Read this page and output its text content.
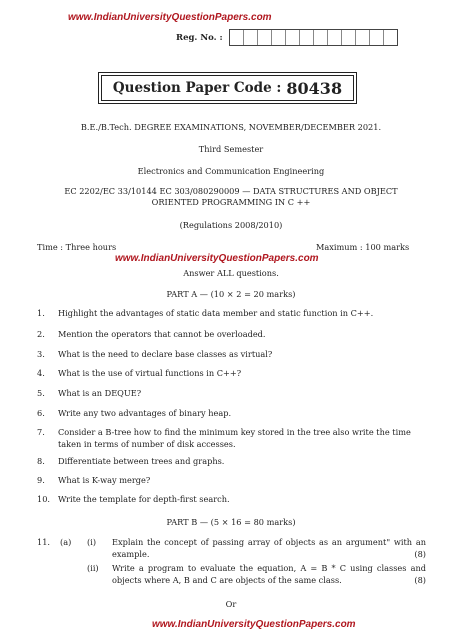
www.IndianUniversityQuestionPapers.com
Reg. No. :
Question Paper Code : 80438
B.E./B.Tech. DEGREE EXAMINATIONS, NOVEMBER/DECEMBER 2021.
Third Semester
Electronics and Communication Engineering
EC 2202/EC 33/10144 EC 303/080290009 — DATA STRUCTURES AND OBJECT
ORIENTED PROGRAMMING IN C ++
(Regulations 2008/2010)
Time : Three hours	Maximum : 100 marks
www.IndianUniversityQuestionPapers.com
Answer ALL questions.
PART A — (10 × 2 = 20 marks)
1. Highlight the advantages of static data member and static function in C++.
2. Mention the operators that cannot be overloaded.
3. What is the need to declare base classes as virtual?
4. What is the use of virtual functions in C++?
5. What is an DEQUE?
6. Write any two advantages of binary heap.
7. Consider a B-tree how to find the minimum key stored in the tree also write the time taken in terms of number of disk accesses.
8. Differentiate between trees and graphs.
9. What is K-way merge?
10. Write the template for depth-first search.
PART B — (5 × 16 = 80 marks)
11. (a) (i) Explain the concept of passing array of objects as an argument" with an example.	(8)
(ii) Write a program to evaluate the equation, A = B * C using classes and objects where A, B and C are objects of the same class.	(8)
Or
www.IndianUniversityQuestionPapers.com
